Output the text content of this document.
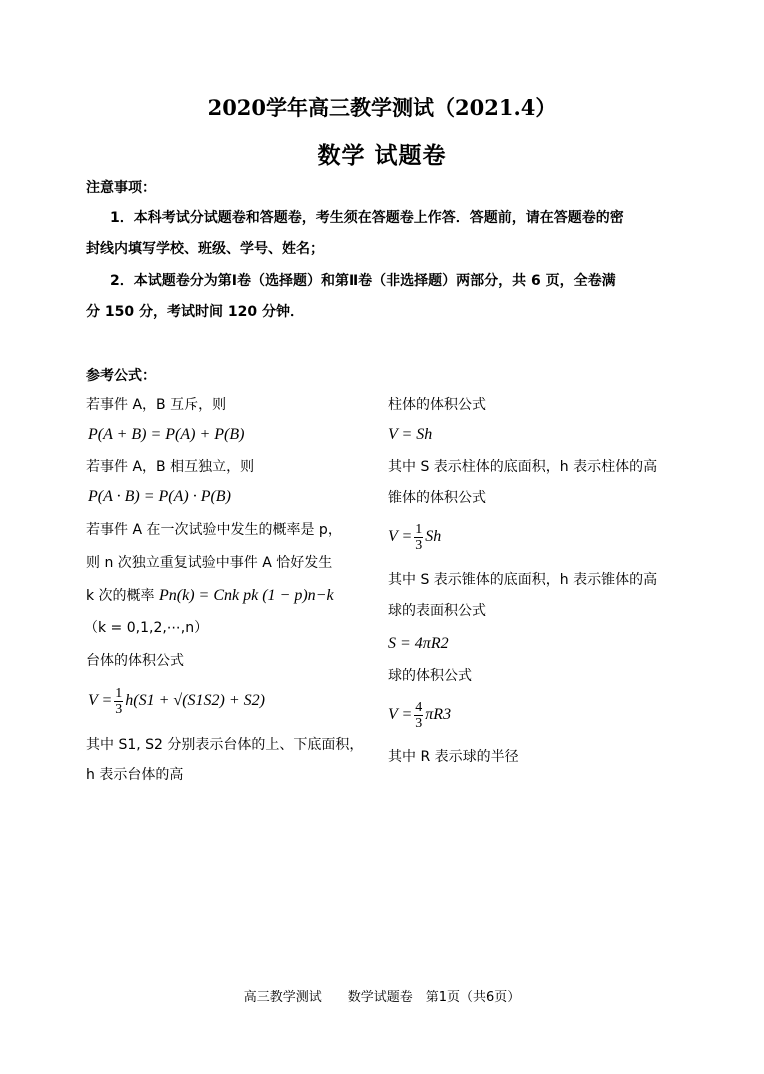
2020学年高三教学测试（2021.4）
数学 试题卷
注意事项：
1．本科考试分试题卷和答题卷，考生须在答题卷上作答．答题前，请在答题卷的密
封线内填写学校、班级、学号、姓名；
2．本试题卷分为第Ⅰ卷（选择题）和第Ⅱ卷（非选择题）两部分，共 6 页，全卷满
分 150 分，考试时间 120 分钟．
参考公式：
若事件 A，B 互斥，则
P(A + B) = P(A) + P(B)
若事件 A，B 相互独立，则
P(A · B) = P(A) · P(B)
若事件 A 在一次试验中发生的概率是 p，
则 n 次独立重复试验中事件 A 恰好发生
k 次的概率 Pn(k) = Cnk pk (1 − p)n−k
（k = 0,1,2,⋯,n）
台体的体积公式
$V = \frac{1}{3} h(S1 + √(S1S2) + S2)$
其中 S1, S2 分别表示台体的上、下底面积，
h 表示台体的高
柱体的体积公式
V = Sh
其中 S 表示柱体的底面积，h 表示柱体的高
锥体的体积公式
$V = \frac{1}{3}$ Sh
其中 S 表示锥体的底面积，h 表示锥体的高
球的表面积公式
S = 4πR2
球的体积公式
$V = \frac{4}{3} \pi R3$
其中 R 表示球的半径
高三教学测试　　数学试题卷　第1页（共6页）
